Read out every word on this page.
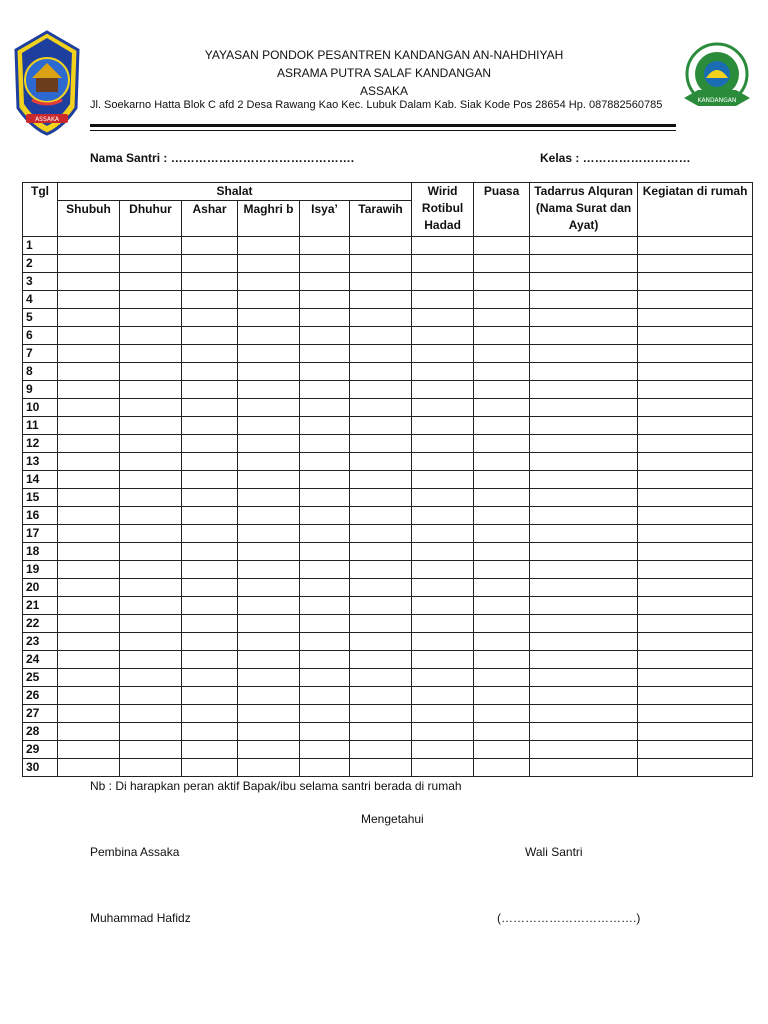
ASSAKA
KANDANGAN
YAYASAN PONDOK PESANTREN KANDANGAN AN-NAHDHIYAH
ASRAMA PUTRA SALAF KANDANGAN
ASSAKA
Jl. Soekarno Hatta Blok C afd 2 Desa Rawang Kao Kec. Lubuk Dalam Kab. Siak Kode Pos 28654 Hp. 087882560785
Nama Santri : ……………………………………….	Kelas : ………………………
Tgl	Shalat						Wirid Rotibul Hadad	Puasa	Tadarrus Alquran (Nama Surat dan Ayat)	Kegiatan di rumah
	Shubuh	Dhuhur	Ashar	Maghri b	Isya’	Tarawih				
1										
2										
3										
4										
5										
6										
7										
8										
9										
10										
11										
12										
13										
14										
15										
16										
17										
18										
19										
20										
21										
22										
23										
24										
25										
26										
27										
28										
29										
30										
Nb : Di harapkan peran aktif Bapak/ibu selama santri berada di rumah
Mengetahui
Pembina Assaka	Wali Santri
Muhammad Hafidz	(…………………………….)
